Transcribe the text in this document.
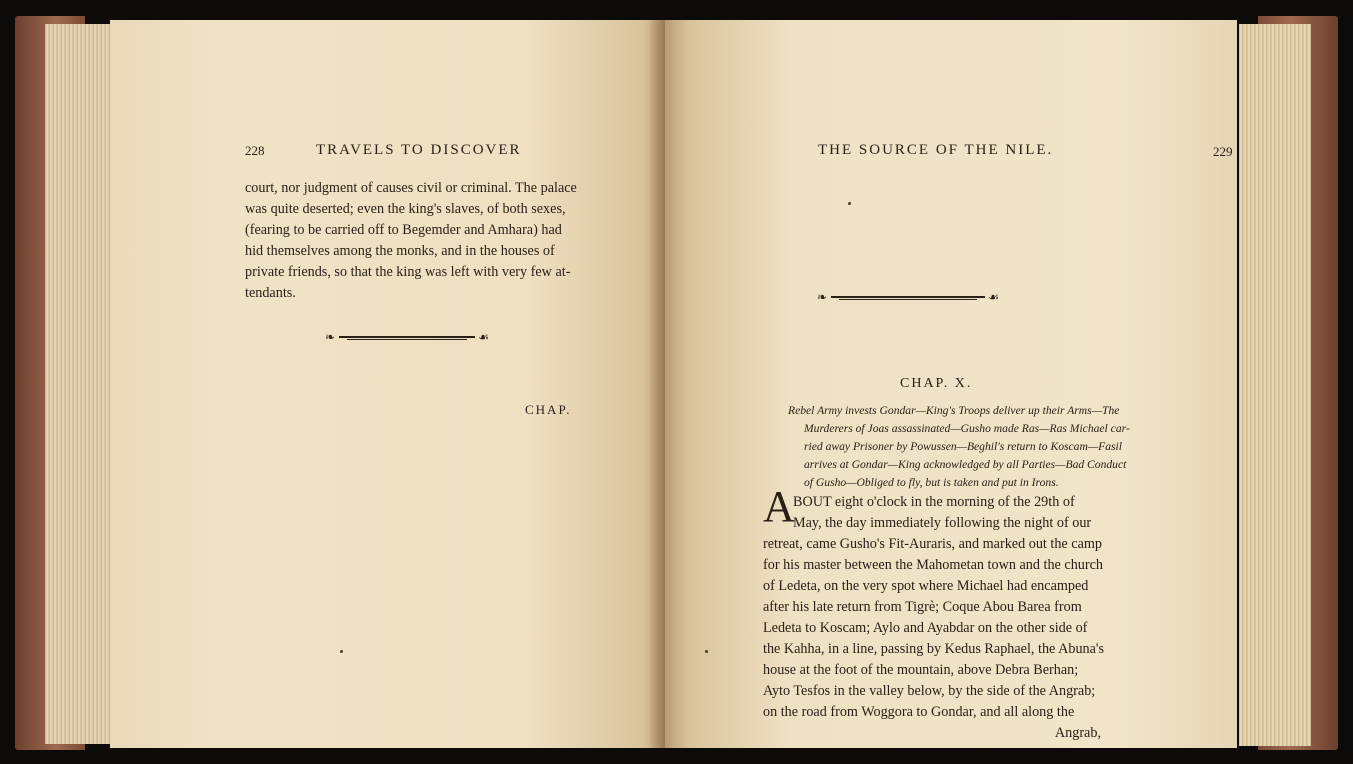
228	TRAVELS TO DISCOVER
court, nor judgment of causes civil or criminal. The palace
was quite deserted; even the king's slaves, of both sexes,
(fearing to be carried off to Begemder and Amhara) had
hid themselves among the monks, and in the houses of
private friends, so that the king was left with very few at-
tendants.
❧	☙
CHAP.
THE SOURCE OF THE NILE.	229
❧	☙
CHAP. X.
Rebel Army invests Gondar—King's Troops deliver up their Arms—The
Murderers of Joas assassinated—Gusho made Ras—Ras Michael car-
ried away Prisoner by Powussen—Beghil's return to Kosсam—Fasil
arrives at Gondar—King acknowledged by all Parties—Bad Conduct
of Gusho—Obliged to fly, but is taken and put in Irons.
A
BOUT eight o'clock in the morning of the 29th of
May, the day immediately following the night of our
retreat, came Gusho's Fit-Auraris, and marked out the camp
for his master between the Mahometan town and the church
of Ledeta, on the very spot where Michael had encamped
after his late return from Tigrè; Coque Abou Barea from
Ledeta to Koscam; Aylo and Ayabdar on the other side of
the Kahha, in a line, passing by Kedus Raphael, the Abuna's
house at the foot of the mountain, above Debra Berhan;
Ayto Tesfos in the valley below, by the side of the Angrab;
on the road from Woggora to Gondar, and all along the
Angrab,
